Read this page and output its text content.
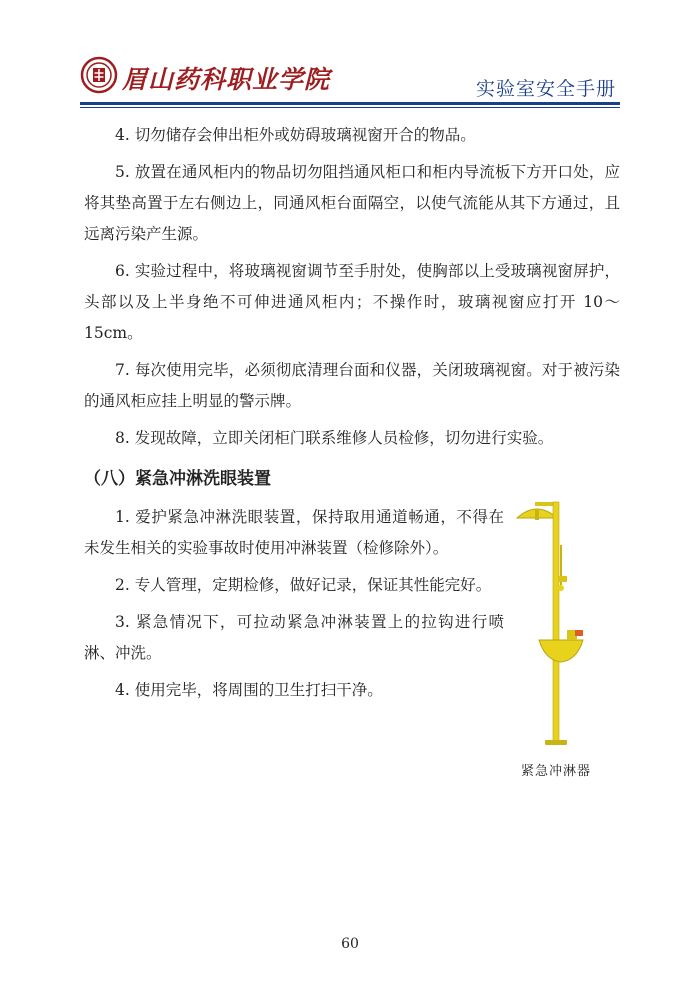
眉山药科职业学院	实验室安全手册

4. 切勿储存会伸出柜外或妨碍玻璃视窗开合的物品。

5. 放置在通风柜内的物品切勿阻挡通风柜口和柜内导流板下方开口处，应将其垫高置于左右侧边上，同通风柜台面隔空，以使气流能从其下方通过，且远离污染产生源。

6. 实验过程中，将玻璃视窗调节至手肘处，使胸部以上受玻璃视窗屏护，头部以及上半身绝不可伸进通风柜内；不操作时，玻璃视窗应打开 10～15cm。

7. 每次使用完毕，必须彻底清理台面和仪器，关闭玻璃视窗。对于被污染的通风柜应挂上明显的警示牌。

8. 发现故障，立即关闭柜门联系维修人员检修，切勿进行实验。

（八）紧急冲淋洗眼装置

1. 爱护紧急冲淋洗眼装置，保持取用通道畅通，不得在未发生相关的实验事故时使用冲淋装置（检修除外）。

2. 专人管理，定期检修，做好记录，保证其性能完好。

3. 紧急情况下，可拉动紧急冲淋装置上的拉钩进行喷淋、冲洗。

4. 使用完毕，将周围的卫生打扫干净。

紧急冲淋器
60
